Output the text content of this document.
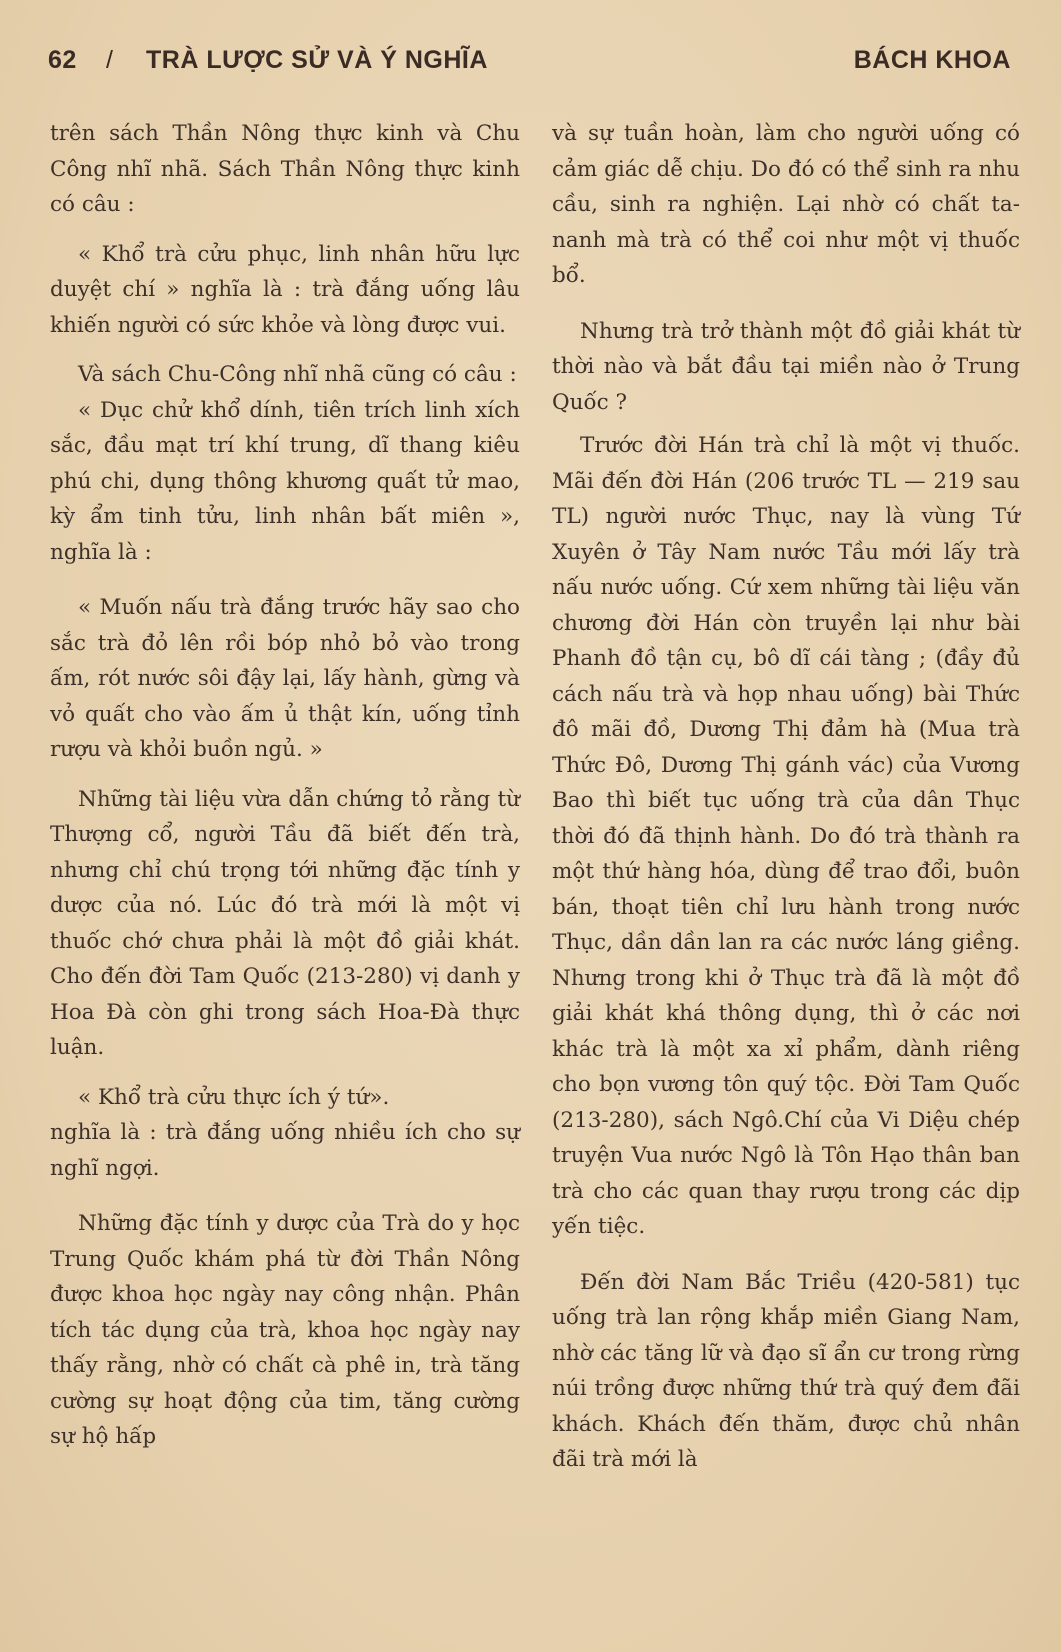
62 / TRÀ LƯỢC SỬ VÀ Ý NGHĨA	BÁCH KHOA

trên sách Thần Nông thực kinh và Chu Công nhĩ nhã. Sách Thần Nông thực kinh có câu :

« Khổ trà cửu phục, linh nhân hữu lực duyệt chí » nghĩa là : trà đắng uống lâu khiến người có sức khỏe và lòng được vui.

Và sách Chu-Công nhĩ nhã cũng có câu :

« Dục chử khổ dính, tiên trích linh xích sắc, đầu mạt trí khí trung, dĩ thang kiêu phú chi, dụng thông khương quất tử mao, kỳ ẩm tinh tửu, linh nhân bất miên », nghĩa là :

« Muốn nấu trà đắng trước hãy sao cho sắc trà đỏ lên rồi bóp nhỏ bỏ vào trong ấm, rót nước sôi đậy lại, lấy hành, gừng và vỏ quất cho vào ấm ủ thật kín, uống tỉnh rượu và khỏi buồn ngủ. »

Những tài liệu vừa dẫn chứng tỏ rằng từ Thượng cổ, người Tầu đã biết đến trà, nhưng chỉ chú trọng tới những đặc tính y dược của nó. Lúc đó trà mới là một vị thuốc chớ chưa phải là một đồ giải khát. Cho đến đời Tam Quốc (213-280) vị danh y Hoa Đà còn ghi trong sách Hoa-Đà thực luận.

« Khổ trà cửu thực ích ý tứ».

nghĩa là : trà đắng uống nhiều ích cho sự nghĩ ngợi.

Những đặc tính y dược của Trà do y học Trung Quốc khám phá từ đời Thần Nông được khoa học ngày nay công nhận. Phân tích tác dụng của trà, khoa học ngày nay thấy rằng, nhờ có chất cà phê in, trà tăng cường sự hoạt động của tim, tăng cường sự hộ hấp

và sự tuần hoàn, làm cho người uống có cảm giác dễ chịu. Do đó có thể sinh ra nhu cầu, sinh ra nghiện. Lại nhờ có chất ta-nanh mà trà có thể coi như một vị thuốc bổ.

Nhưng trà trở thành một đồ giải khát từ thời nào và bắt đầu tại miền nào ở Trung Quốc ?

Trước đời Hán trà chỉ là một vị thuốc. Mãi đến đời Hán (206 trước TL — 219 sau TL) người nước Thục, nay là vùng Tứ Xuyên ở Tây Nam nước Tầu mới lấy trà nấu nước uống. Cứ xem những tài liệu văn chương đời Hán còn truyền lại như bài Phanh đồ tận cụ, bô dĩ cái tàng ; (đầy đủ cách nấu trà và họp nhau uống) bài Thức đô mãi đồ, Dương Thị đảm hà (Mua trà Thức Đô, Dương Thị gánh vác) của Vương Bao thì biết tục uống trà của dân Thục thời đó đã thịnh hành. Do đó trà thành ra một thứ hàng hóa, dùng để trao đổi, buôn bán, thoạt tiên chỉ lưu hành trong nước Thục, dần dần lan ra các nước láng giềng. Nhưng trong khi ở Thục trà đã là một đồ giải khát khá thông dụng, thì ở các nơi khác trà là một xa xỉ phẩm, dành riêng cho bọn vương tôn quý tộc. Đời Tam Quốc (213-280), sách Ngô.Chí của Vi Diệu chép truyện Vua nước Ngô là Tôn Hạo thân ban trà cho các quan thay rượu trong các dịp yến tiệc.

Đến đời Nam Bắc Triều (420-581) tục uống trà lan rộng khắp miền Giang Nam, nhờ các tăng lữ và đạo sĩ ẩn cư trong rừng núi trồng được những thứ trà quý đem đãi khách. Khách đến thăm, được chủ nhân đãi trà mới là
